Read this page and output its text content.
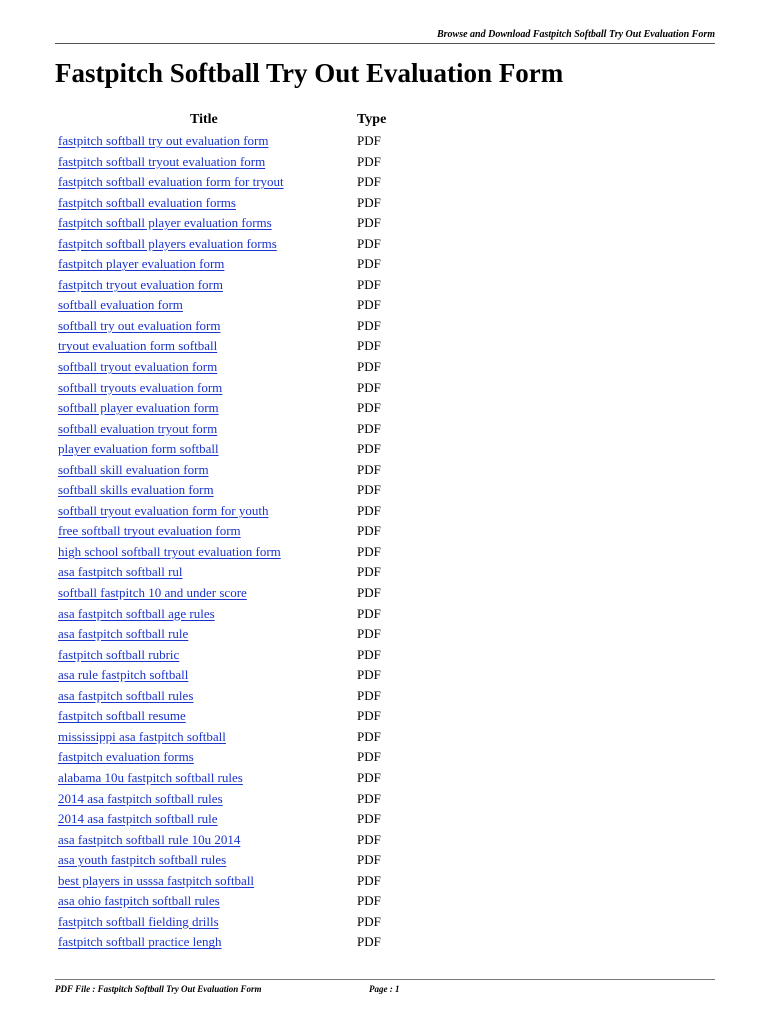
Browse and Download Fastpitch Softball Try Out Evaluation Form
Fastpitch Softball Try Out Evaluation Form
Title	Type
fastpitch softball try out evaluation form	PDF
fastpitch softball tryout evaluation form	PDF
fastpitch softball evaluation form for tryout	PDF
fastpitch softball evaluation forms	PDF
fastpitch softball player evaluation forms	PDF
fastpitch softball players evaluation forms	PDF
fastpitch player evaluation form	PDF
fastpitch tryout evaluation form	PDF
softball evaluation form	PDF
softball try out evaluation form	PDF
tryout evaluation form softball	PDF
softball tryout evaluation form	PDF
softball tryouts evaluation form	PDF
softball player evaluation form	PDF
softball evaluation tryout form	PDF
player evaluation form softball	PDF
softball skill evaluation form	PDF
softball skills evaluation form	PDF
softball tryout evaluation form for youth	PDF
free softball tryout evaluation form	PDF
high school softball tryout evaluation form	PDF
asa fastpitch softball rul	PDF
softball fastpitch 10 and under score	PDF
asa fastpitch softball age rules	PDF
asa fastpitch softball rule	PDF
fastpitch softball rubric	PDF
asa rule fastpitch softball	PDF
asa fastpitch softball rules	PDF
fastpitch softball resume	PDF
mississippi asa fastpitch softball	PDF
fastpitch evaluation forms	PDF
alabama 10u fastpitch softball rules	PDF
2014 asa fastpitch softball rules	PDF
2014 asa fastpitch softball rule	PDF
asa fastpitch softball rule 10u 2014	PDF
asa youth fastpitch softball rules	PDF
best players in usssa fastpitch softball	PDF
asa ohio fastpitch softball rules	PDF
fastpitch softball fielding drills	PDF
fastpitch softball practice lengh	PDF
PDF File : Fastpitch Softball Try Out Evaluation Form	Page : 1
